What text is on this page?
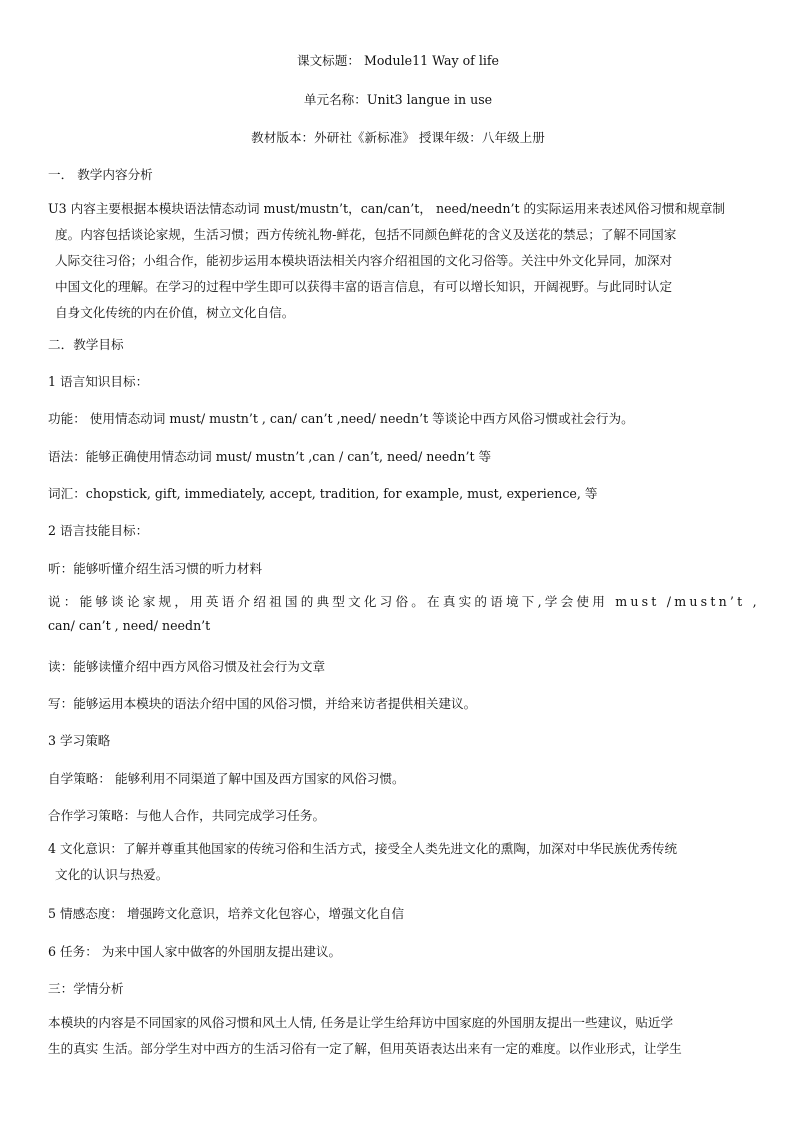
课文标题： Module11 Way of life
单元名称：Unit3 langue in use
教材版本：外研社《新标准》 授课年级：八年级上册
一． 教学内容分析
U3 内容主要根据本模块语法情态动词 must/mustn’t，can/can’t， need/needn’t 的实际运用来表述风俗习惯和规章制
度。内容包括谈论家规，生活习惯；西方传统礼物-鲜花，包括不同颜色鲜花的含义及送花的禁忌；了解不同国家
人际交往习俗；小组合作，能初步运用本模块语法相关内容介绍祖国的文化习俗等。关注中外文化异同，加深对
中国文化的理解。在学习的过程中学生即可以获得丰富的语言信息，有可以增长知识，开阔视野。与此同时认定
自身文化传统的内在价值，树立文化自信。
二．教学目标
1 语言知识目标：
功能： 使用情态动词 must/ mustn’t , can/ can’t ,need/ needn’t 等谈论中西方风俗习惯或社会行为。
语法：能够正确使用情态动词 must/ mustn’t ,can / can’t, need/ needn’t 等
词汇：chopstick, gift, immediately, accept, tradition, for example, must, experience, 等
2 语言技能目标：
听：能够听懂介绍生活习惯的听力材料
说：能够谈论家规，用英语介绍祖国的典型文化习俗。在真实的语境下,学会使用 must /mustn’t ,
can/ can’t , need/ needn’t
读：能够读懂介绍中西方风俗习惯及社会行为文章
写：能够运用本模块的语法介绍中国的风俗习惯，并给来访者提供相关建议。
3 学习策略
自学策略： 能够利用不同渠道了解中国及西方国家的风俗习惯。
合作学习策略：与他人合作，共同完成学习任务。
4 文化意识：了解并尊重其他国家的传统习俗和生活方式，接受全人类先进文化的熏陶，加深对中华民族优秀传统
文化的认识与热爱。
5 情感态度： 增强跨文化意识，培养文化包容心，增强文化自信
6 任务： 为来中国人家中做客的外国朋友提出建议。
三：学情分析
本模块的内容是不同国家的风俗习惯和风土人情, 任务是让学生给拜访中国家庭的外国朋友提出一些建议，贴近学
生的真实 生活。部分学生对中西方的生活习俗有一定了解，但用英语表达出来有一定的难度。以作业形式，让学生
